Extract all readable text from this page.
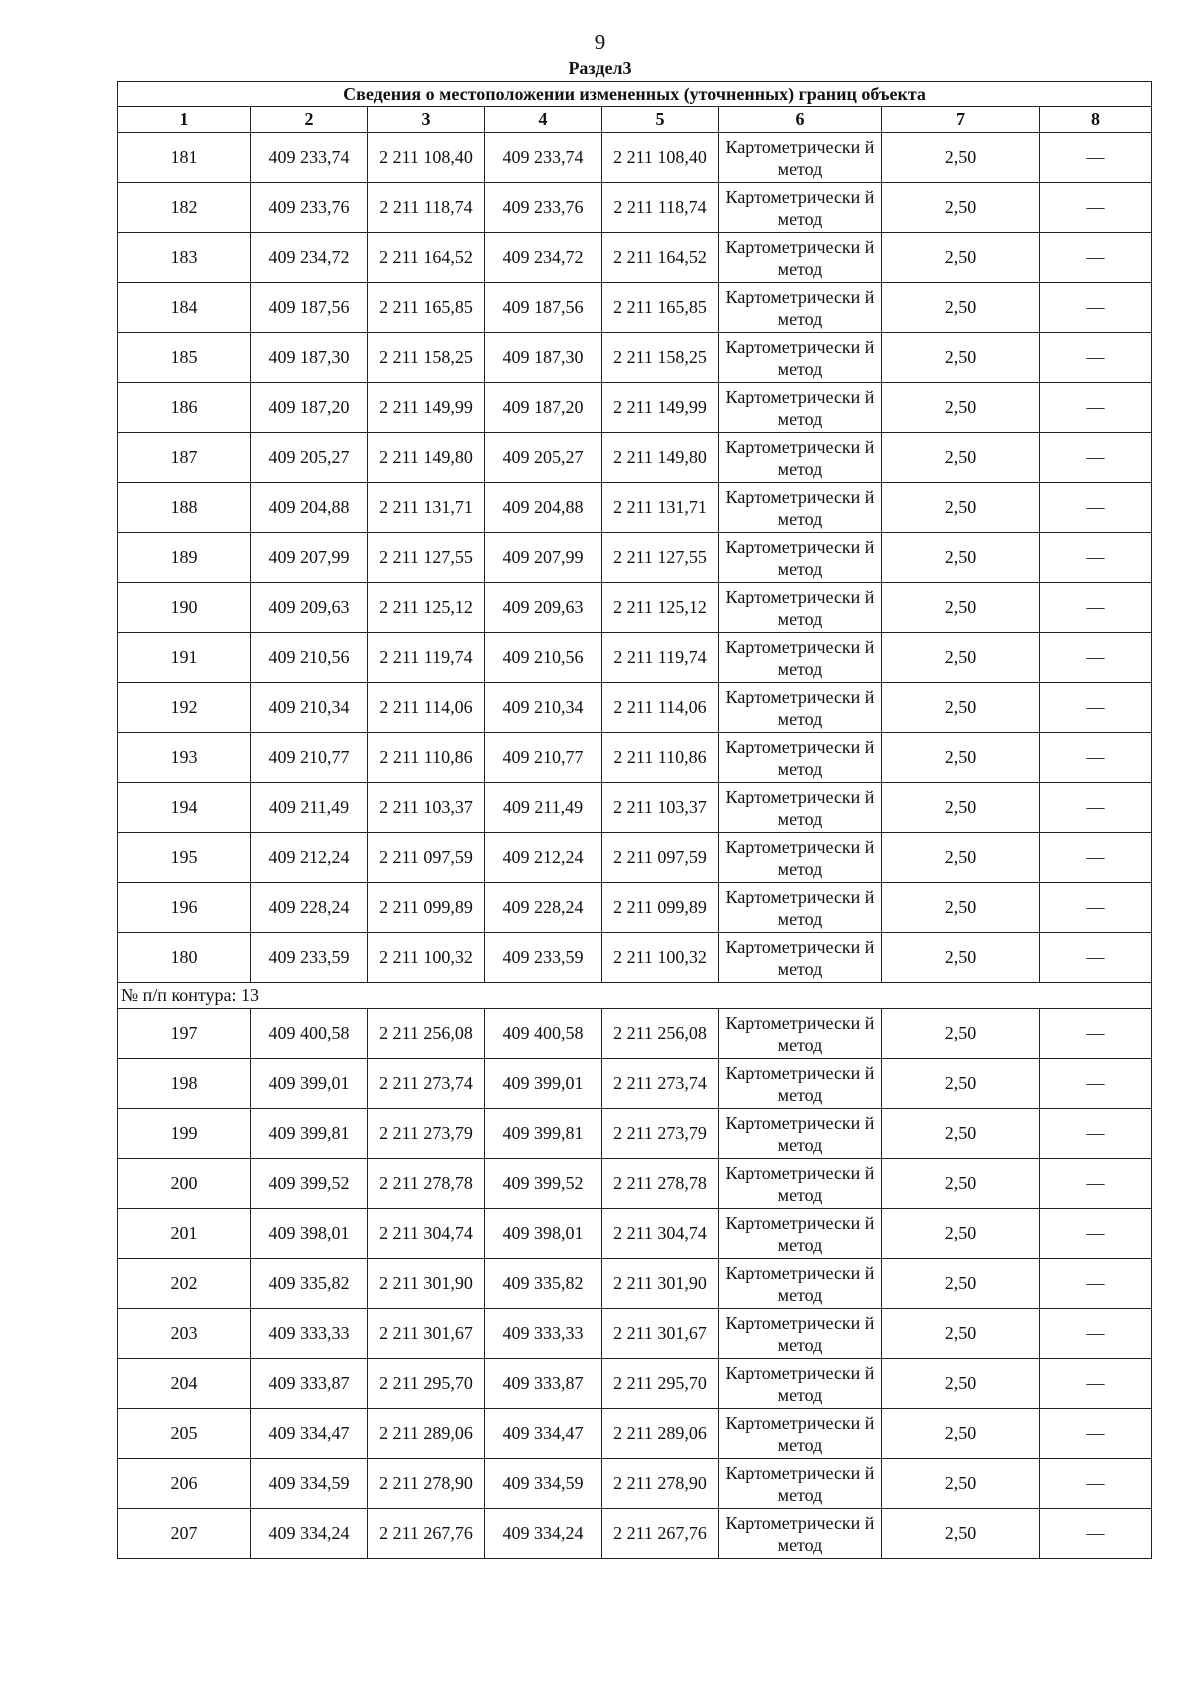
9
Раздел3
Сведения о местоположении измененных (уточненных) границ объекта							
1	2	3	4	5	6	7	8
181	409 233,74	2 211 108,40	409 233,74	2 211 108,40	Картометрически й метод	2,50	—
182	409 233,76	2 211 118,74	409 233,76	2 211 118,74	Картометрически й метод	2,50	—
183	409 234,72	2 211 164,52	409 234,72	2 211 164,52	Картометрически й метод	2,50	—
184	409 187,56	2 211 165,85	409 187,56	2 211 165,85	Картометрически й метод	2,50	—
185	409 187,30	2 211 158,25	409 187,30	2 211 158,25	Картометрически й метод	2,50	—
186	409 187,20	2 211 149,99	409 187,20	2 211 149,99	Картометрически й метод	2,50	—
187	409 205,27	2 211 149,80	409 205,27	2 211 149,80	Картометрически й метод	2,50	—
188	409 204,88	2 211 131,71	409 204,88	2 211 131,71	Картометрически й метод	2,50	—
189	409 207,99	2 211 127,55	409 207,99	2 211 127,55	Картометрически й метод	2,50	—
190	409 209,63	2 211 125,12	409 209,63	2 211 125,12	Картометрически й метод	2,50	—
191	409 210,56	2 211 119,74	409 210,56	2 211 119,74	Картометрически й метод	2,50	—
192	409 210,34	2 211 114,06	409 210,34	2 211 114,06	Картометрически й метод	2,50	—
193	409 210,77	2 211 110,86	409 210,77	2 211 110,86	Картометрически й метод	2,50	—
194	409 211,49	2 211 103,37	409 211,49	2 211 103,37	Картометрически й метод	2,50	—
195	409 212,24	2 211 097,59	409 212,24	2 211 097,59	Картометрически й метод	2,50	—
196	409 228,24	2 211 099,89	409 228,24	2 211 099,89	Картометрически й метод	2,50	—
180	409 233,59	2 211 100,32	409 233,59	2 211 100,32	Картометрически й метод	2,50	—
№ п/п контура: 13							
197	409 400,58	2 211 256,08	409 400,58	2 211 256,08	Картометрически й метод	2,50	—
198	409 399,01	2 211 273,74	409 399,01	2 211 273,74	Картометрически й метод	2,50	—
199	409 399,81	2 211 273,79	409 399,81	2 211 273,79	Картометрически й метод	2,50	—
200	409 399,52	2 211 278,78	409 399,52	2 211 278,78	Картометрически й метод	2,50	—
201	409 398,01	2 211 304,74	409 398,01	2 211 304,74	Картометрически й метод	2,50	—
202	409 335,82	2 211 301,90	409 335,82	2 211 301,90	Картометрически й метод	2,50	—
203	409 333,33	2 211 301,67	409 333,33	2 211 301,67	Картометрически й метод	2,50	—
204	409 333,87	2 211 295,70	409 333,87	2 211 295,70	Картометрически й метод	2,50	—
205	409 334,47	2 211 289,06	409 334,47	2 211 289,06	Картометрически й метод	2,50	—
206	409 334,59	2 211 278,90	409 334,59	2 211 278,90	Картометрически й метод	2,50	—
207	409 334,24	2 211 267,76	409 334,24	2 211 267,76	Картометрически й метод	2,50	—
